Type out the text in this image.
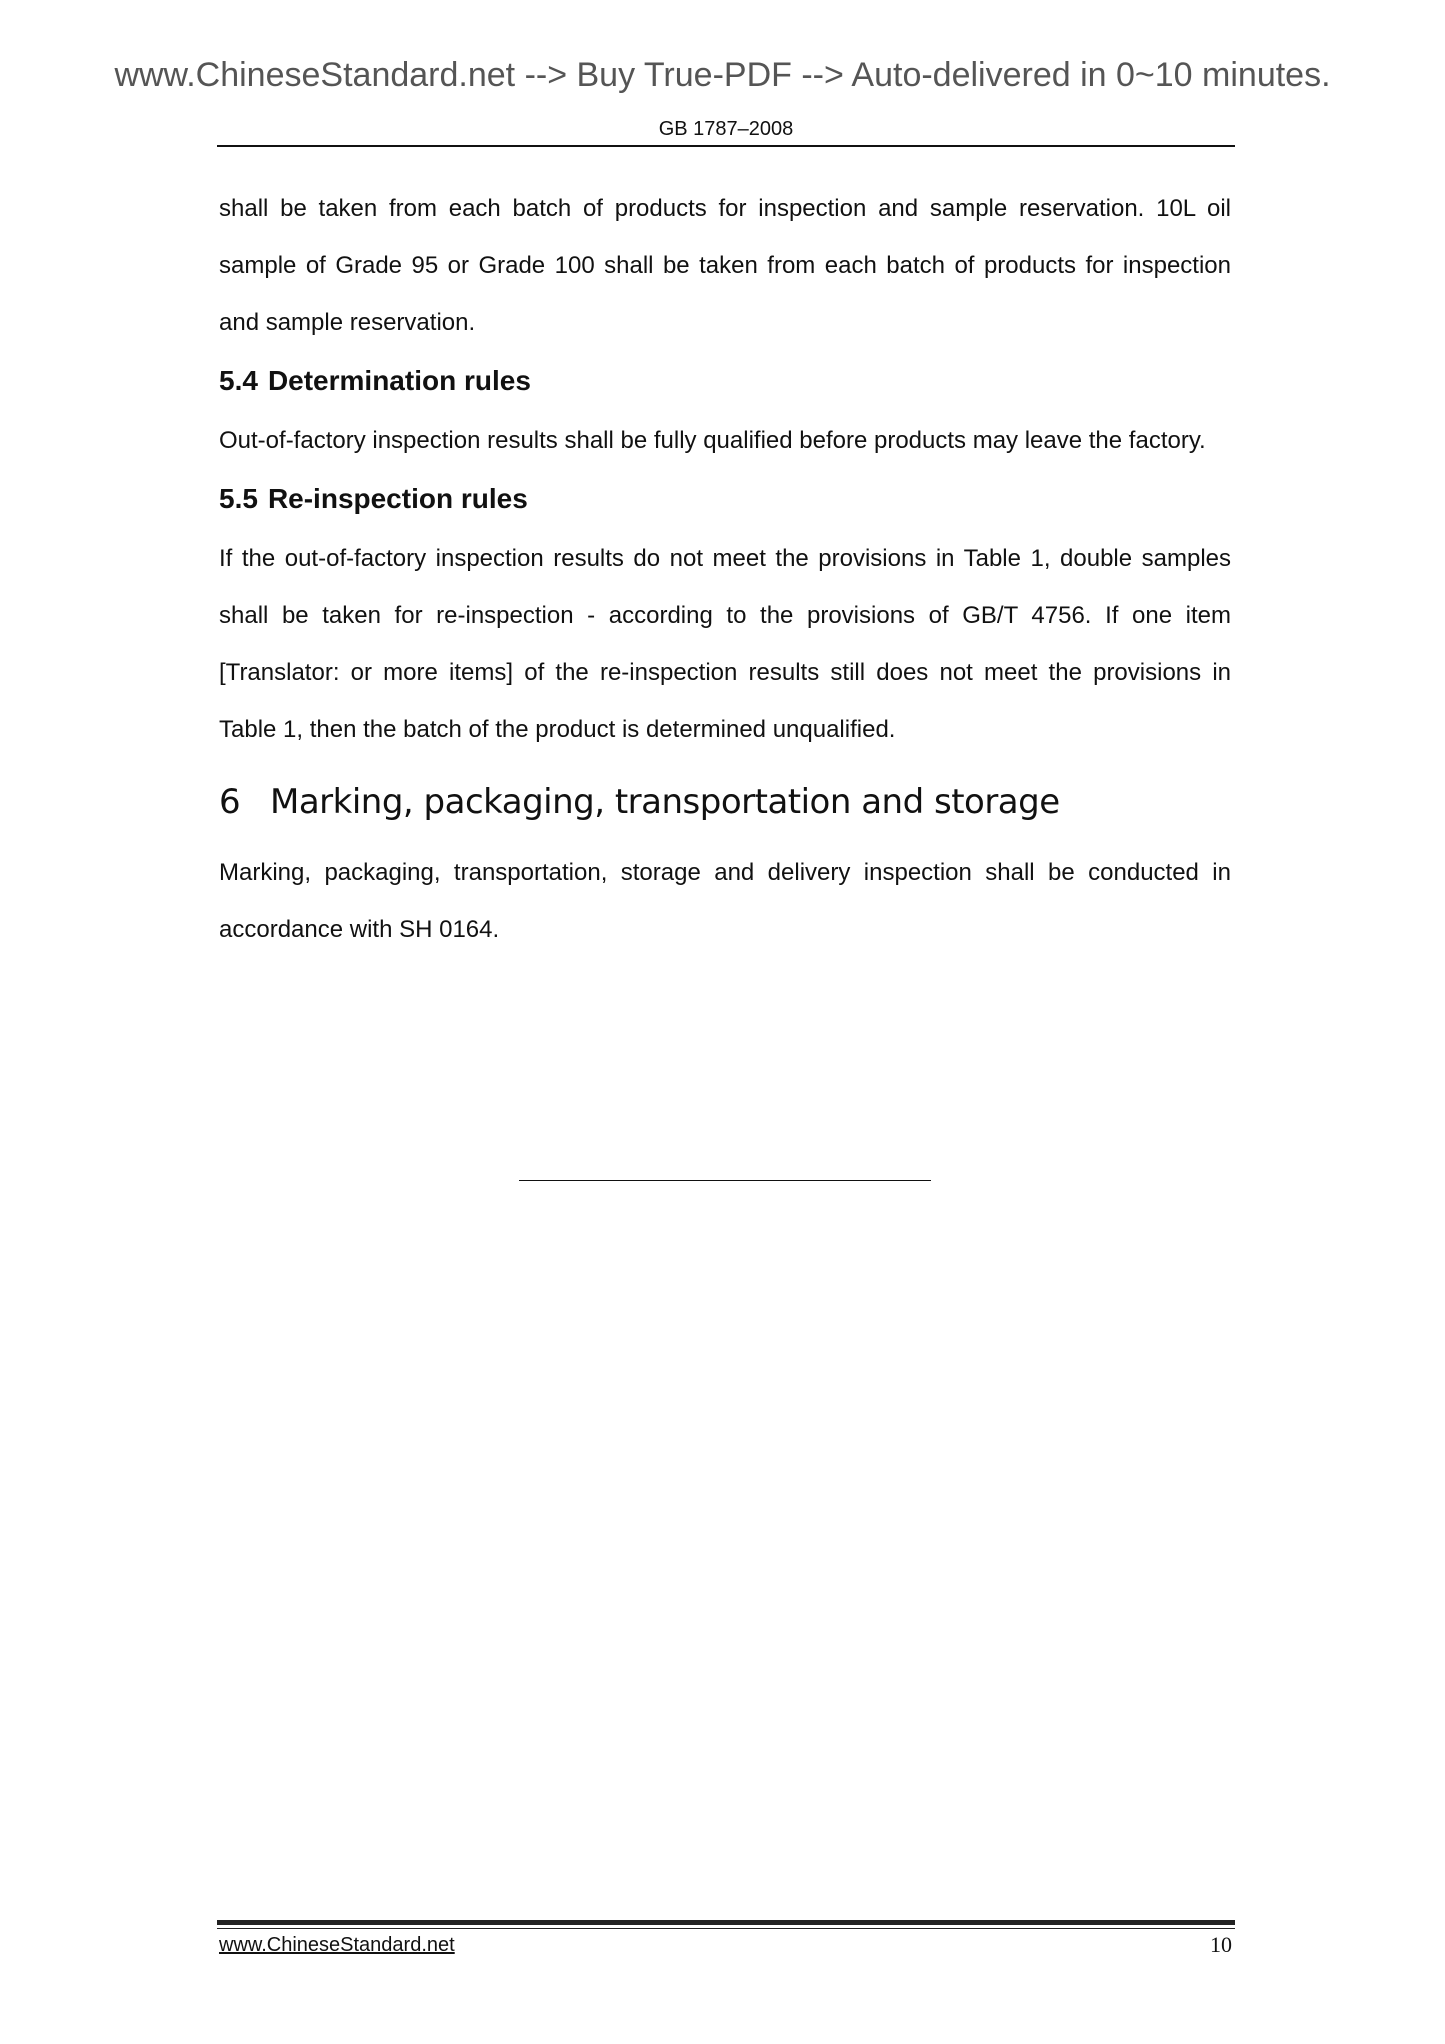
www.ChineseStandard.net --> Buy True-PDF --> Auto-delivered in 0~10 minutes.
GB 1787–2008

shall be taken from each batch of products for inspection and sample reservation. 10L oil sample of Grade 95 or Grade 100 shall be taken from each batch of products for inspection and sample reservation.

5.4 Determination rules

Out-of-factory inspection results shall be fully qualified before products may leave the factory.

5.5 Re-inspection rules

If the out-of-factory inspection results do not meet the provisions in Table 1, double samples shall be taken for re-inspection - according to the provisions of GB/T 4756. If one item [Translator: or more items] of the re-inspection results still does not meet the provisions in Table 1, then the batch of the product is determined unqualified.

6 Marking, packaging, transportation and storage

Marking, packaging, transportation, storage and delivery inspection shall be conducted in accordance with SH 0164.

www.ChineseStandard.net	10
